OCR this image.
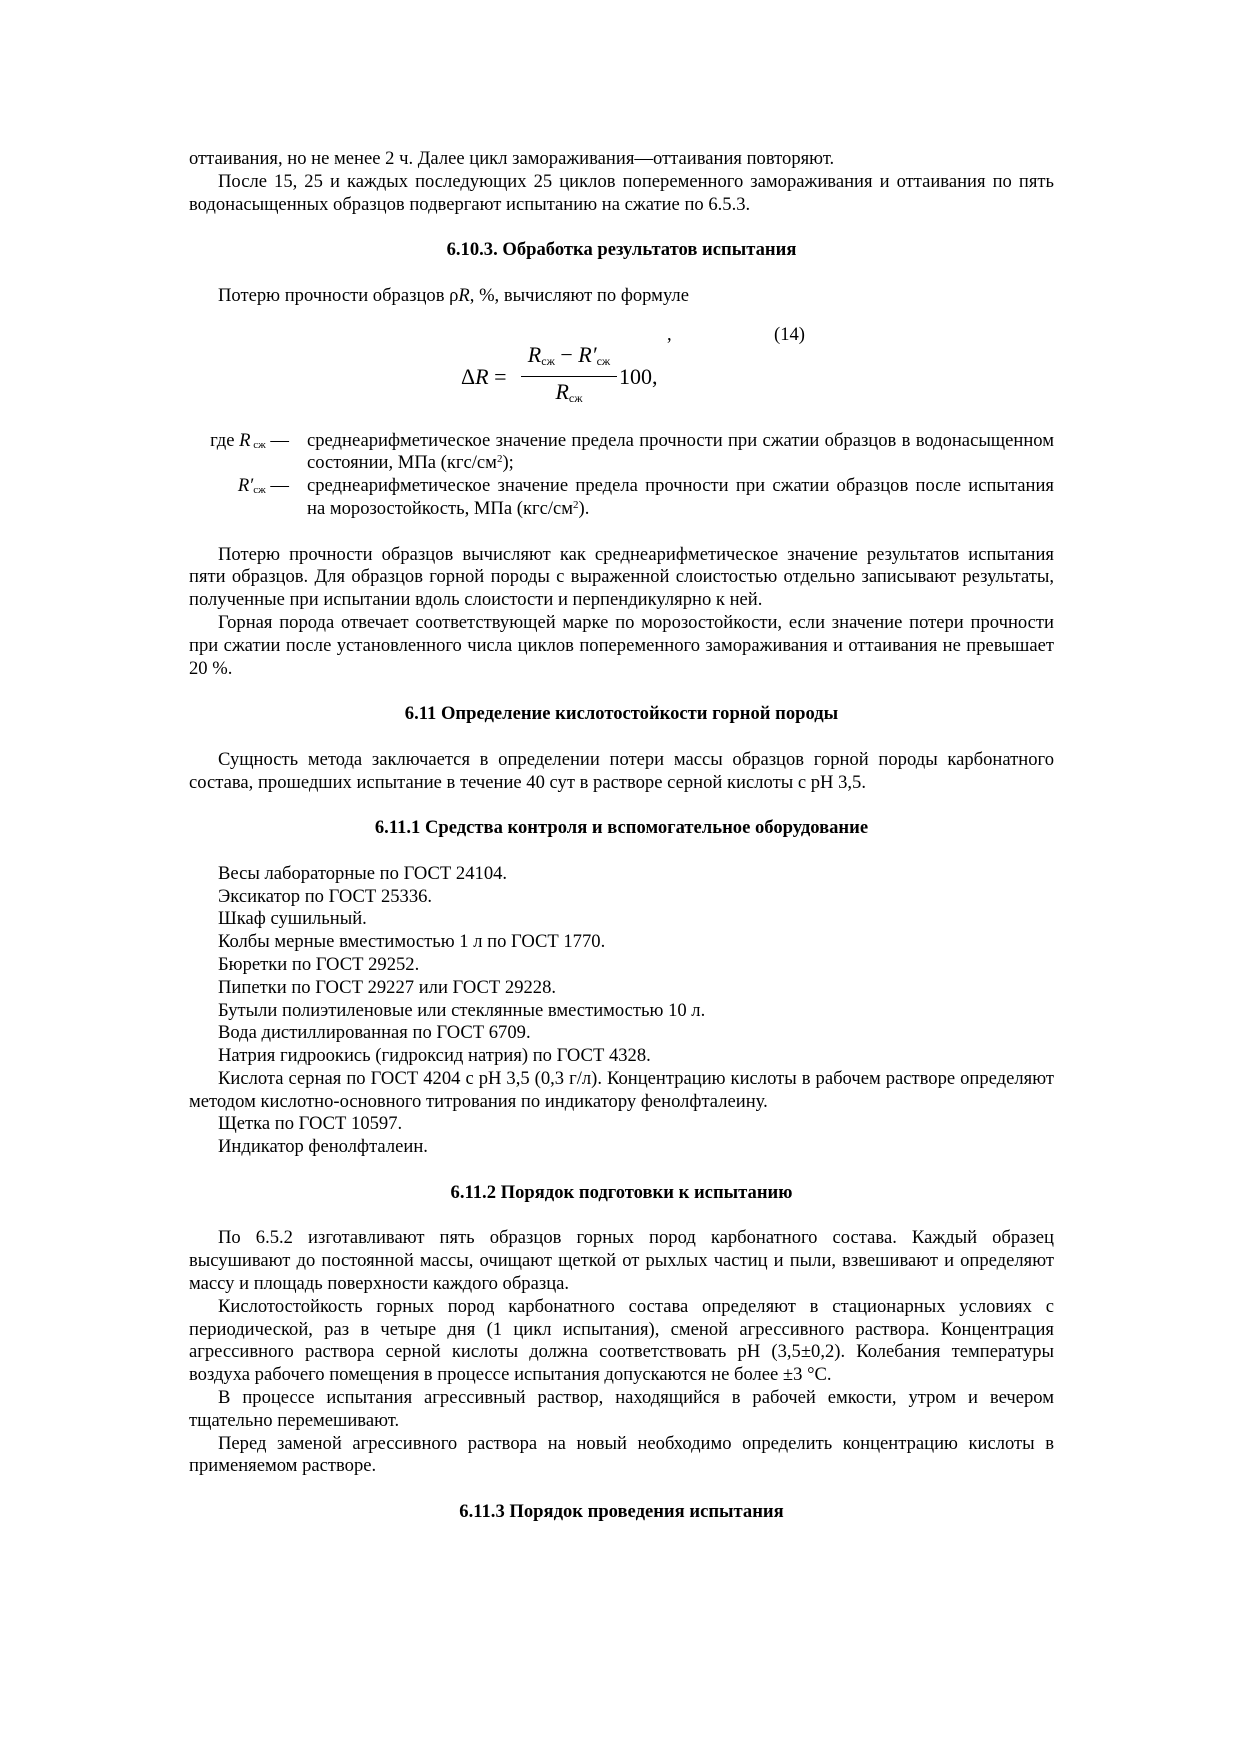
оттаивания, но не менее 2 ч. Далее цикл замораживания—оттаивания повторяют.

После 15, 25 и каждых последующих 25 циклов попеременного замораживания и оттаивания по пять водонасыщенных образцов подвергают испытанию на сжатие по 6.5.3.

6.10.3. Обработка результатов испытания

Потерю прочности образцов ρR, %, вычисляют по формуле

,	(14)
ΔR =
$R_{сж} - R'_{сж}$
$R_{сж}$
100,
где R $_{сж}$ — среднеарифметическое значение предела прочности при сжатии образцов в водонасыщенном состоянии, МПа $(кгс/см^2)$;
$R'_{сж}$ — среднеарифметическое значение предела прочности при сжатии образцов после испытания на морозостойкость, МПа $(кгс/см^2)$.

Потерю прочности образцов вычисляют как среднеарифметическое значение результатов испытания пяти образцов. Для образцов горной породы с выраженной слоистостью отдельно записывают результаты, полученные при испытании вдоль слоистости и перпендикулярно к ней.

Горная порода отвечает соответствующей марке по морозостойкости, если значение потери прочности при сжатии после установленного числа циклов попеременного замораживания и оттаивания не превышает 20 %.

6.11 Определение кислотостойкости горной породы

Сущность метода заключается в определении потери массы образцов горной породы карбонатного состава, прошедших испытание в течение 40 сут в растворе серной кислоты с pH 3,5.

6.11.1 Средства контроля и вспомогательное оборудование

Весы лабораторные по ГОСТ 24104.

Эксикатор по ГОСТ 25336.

Шкаф сушильный.

Колбы мерные вместимостью 1 л по ГОСТ 1770.

Бюретки по ГОСТ 29252.

Пипетки по ГОСТ 29227 или ГОСТ 29228.

Бутыли полиэтиленовые или стеклянные вместимостью 10 л.

Вода дистиллированная по ГОСТ 6709.

Натрия гидроокись (гидроксид натрия) по ГОСТ 4328.

Кислота серная по ГОСТ 4204 с pH 3,5 (0,3 г/л). Концентрацию кислоты в рабочем растворе определяют методом кислотно-основного титрования по индикатору фенолфталеину.

Щетка по ГОСТ 10597.

Индикатор фенолфталеин.

6.11.2 Порядок подготовки к испытанию

По 6.5.2 изготавливают пять образцов горных пород карбонатного состава. Каждый образец высушивают до постоянной массы, очищают щеткой от рыхлых частиц и пыли, взвешивают и определяют массу и площадь поверхности каждого образца.

Кислотостойкость горных пород карбонатного состава определяют в стационарных условиях с периодической, раз в четыре дня (1 цикл испытания), сменой агрессивного раствора. Концентрация агрессивного раствора серной кислоты должна соответствовать pH (3,5±0,2). Колебания температуры воздуха рабочего помещения в процессе испытания допускаются не более ±3 °С.

В процессе испытания агрессивный раствор, находящийся в рабочей емкости, утром и вечером тщательно перемешивают.

Перед заменой агрессивного раствора на новый необходимо определить концентрацию кислоты в применяемом растворе.

6.11.3 Порядок проведения испытания
